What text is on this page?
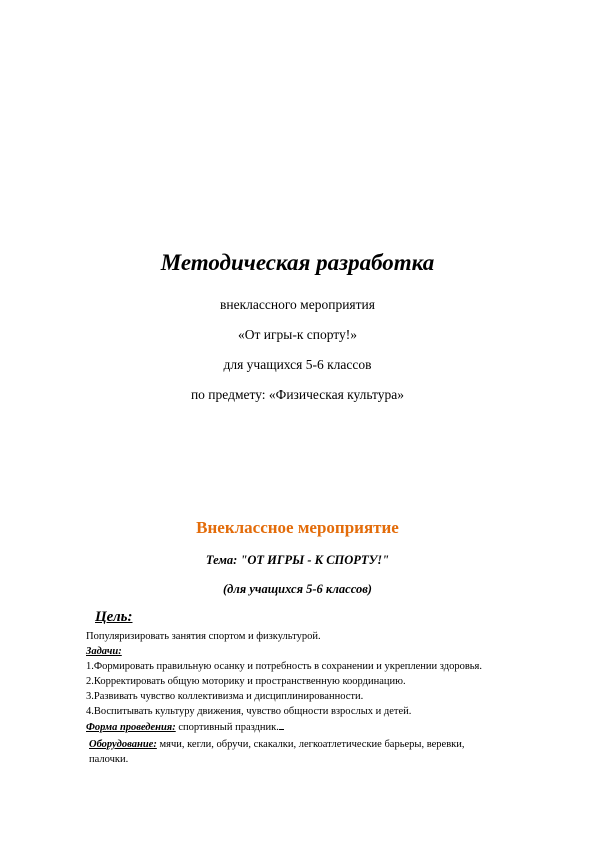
Методическая разработка
внеклассного мероприятия
«От игры-к спорту!»
для учащихся 5-6 классов
по предмету: «Физическая культура»
Внеклассное мероприятие
Тема: "ОТ ИГРЫ - К СПОРТУ!"
(для учащихся 5-6 классов)
Цель:
Популяризировать занятия спортом и физкультурой.
Задачи:
1.Формировать правильную осанку и потребность в сохранении и укреплении здоровья.
2.Корректировать общую моторику и пространственную координацию.
3.Развивать чувство коллективизма и дисциплинированности.
4.Воспитывать культуру движения, чувство общности взрослых и детей.
Форма проведения: спортивный праздник.
Оборудование: мячи, кегли, обручи, скакалки, легкоатлетические барьеры, веревки,
палочки.
